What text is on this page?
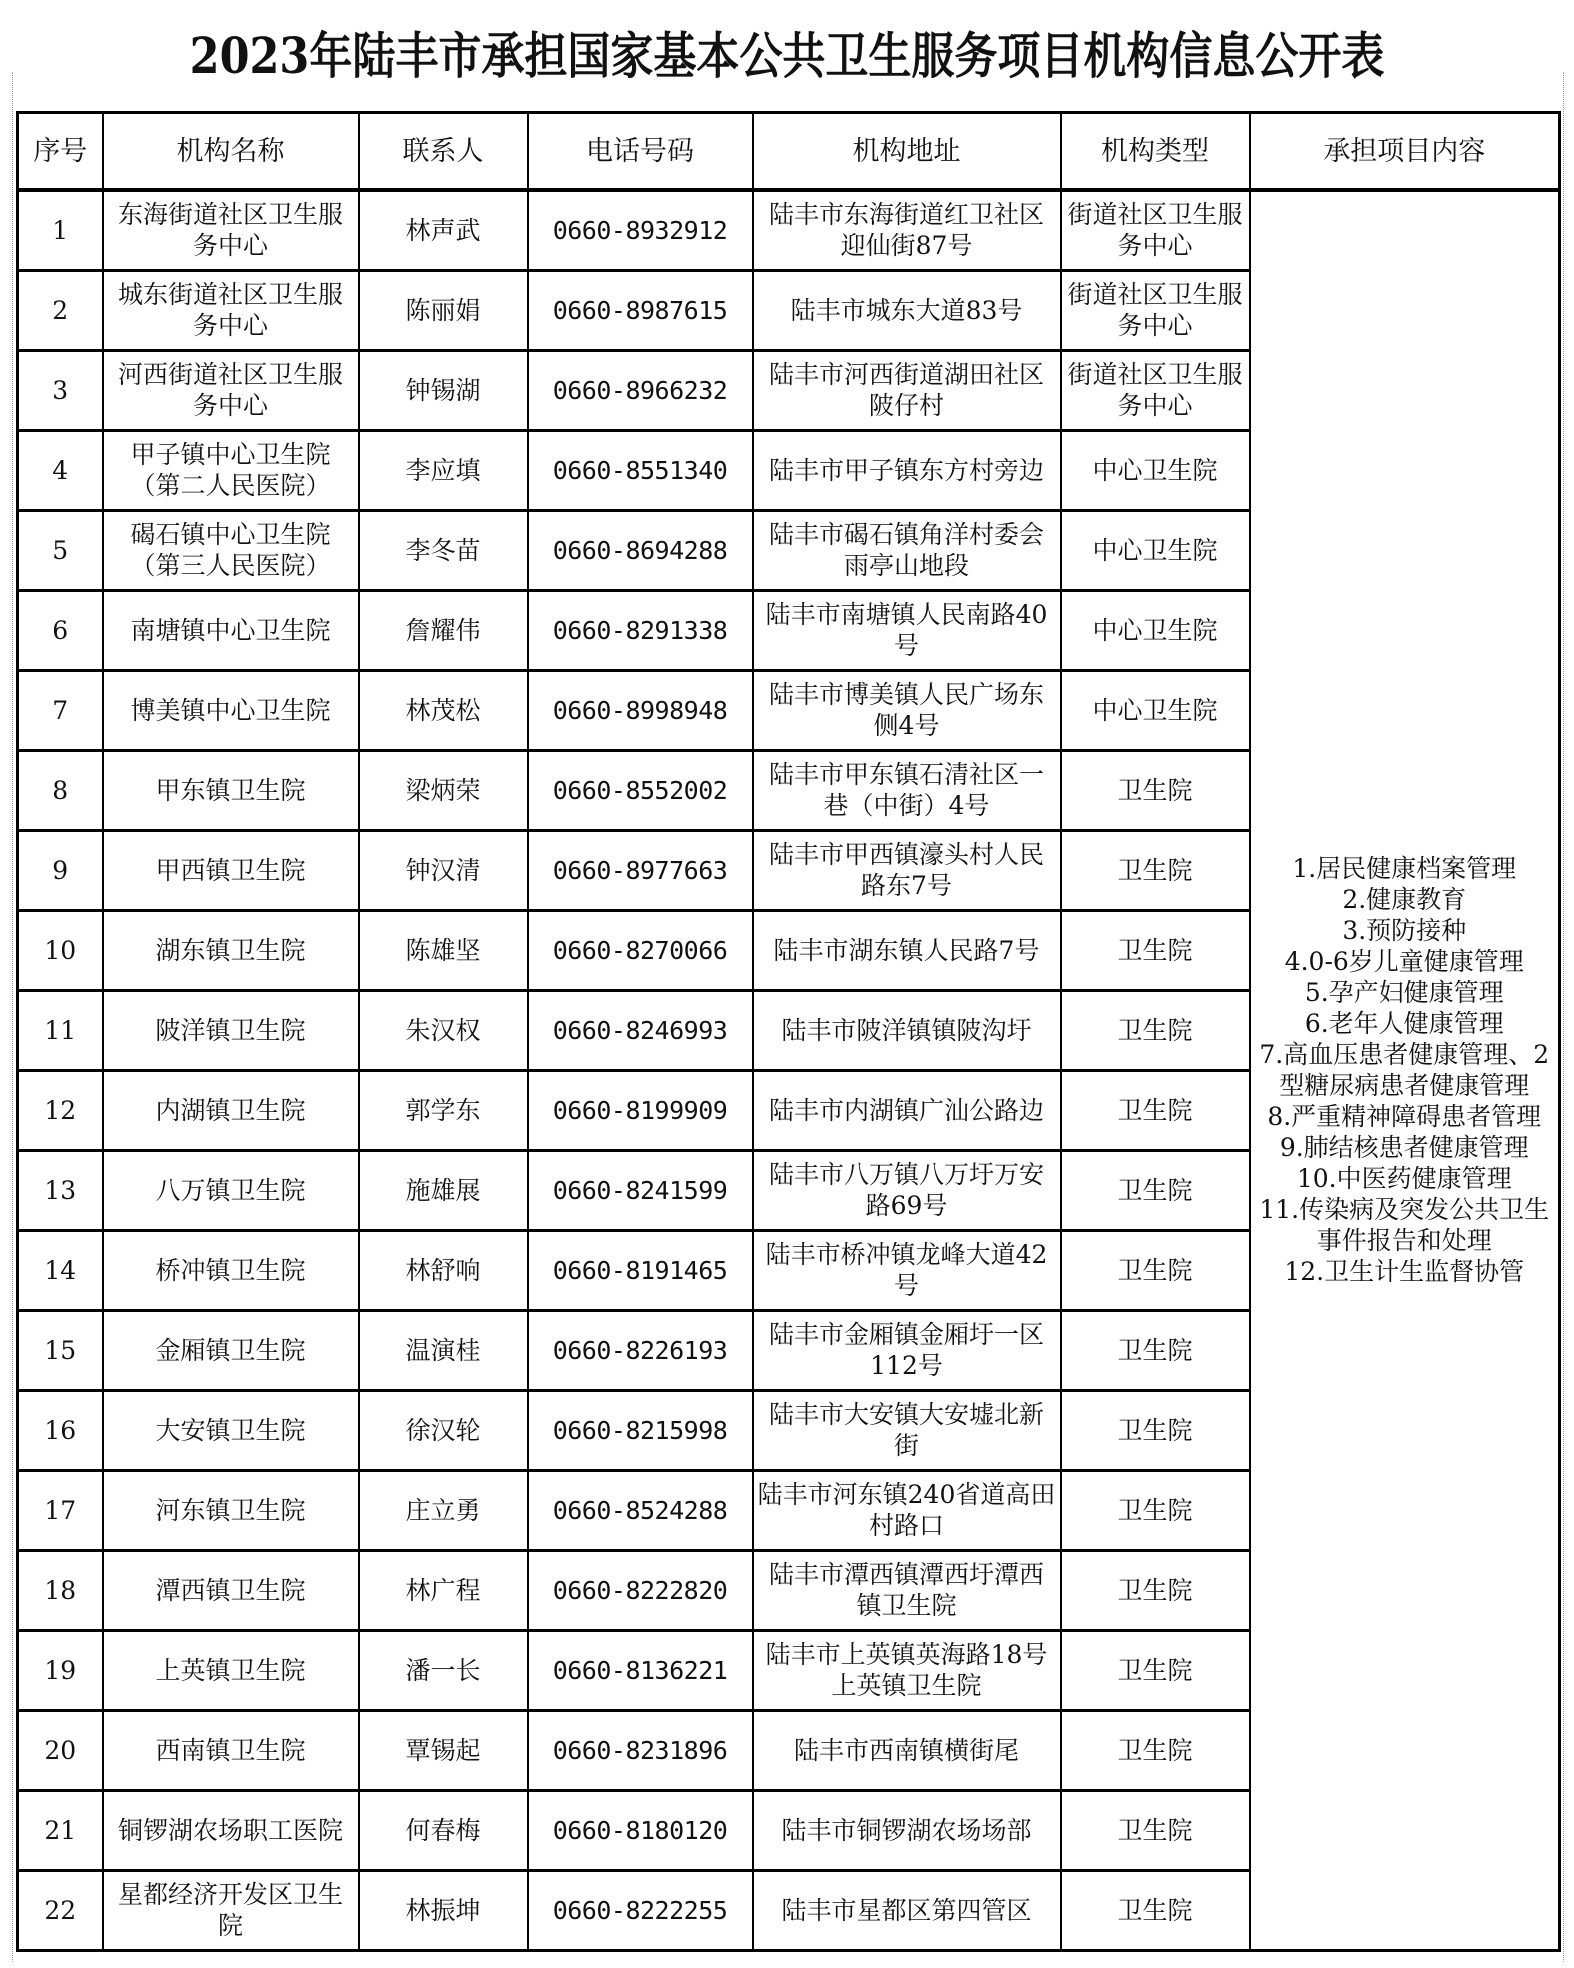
2023年陆丰市承担国家基本公共卫生服务项目机构信息公开表
序号	机构名称	联系人	电话号码	机构地址	机构类型	承担项目内容
1	东海街道社区卫生服务中心	林声武	0660-8932912	陆丰市东海街道红卫社区迎仙街87号	街道社区卫生服务中心	
1.居民健康档案管理
2.健康教育
3.预防接种
4.0-6岁儿童健康管理
5.孕产妇健康管理
6.老年人健康管理
7.高血压患者健康管理、2型糖尿病患者健康管理
8.严重精神障碍患者管理
9.肺结核患者健康管理
10.中医药健康管理
11.传染病及突发公共卫生事件报告和处理
12.卫生计生监督协管

2	城东街道社区卫生服务中心	陈丽娟	0660-8987615	陆丰市城东大道83号	街道社区卫生服务中心	
3	河西街道社区卫生服务中心	钟锡湖	0660-8966232	陆丰市河西街道湖田社区陂仔村	街道社区卫生服务中心	
4	甲子镇中心卫生院（第二人民医院）	李应填	0660-8551340	陆丰市甲子镇东方村旁边	中心卫生院	
5	碣石镇中心卫生院（第三人民医院）	李冬苗	0660-8694288	陆丰市碣石镇角洋村委会雨亭山地段	中心卫生院	
6	南塘镇中心卫生院	詹耀伟	0660-8291338	陆丰市南塘镇人民南路40号	中心卫生院	
7	博美镇中心卫生院	林茂松	0660-8998948	陆丰市博美镇人民广场东侧4号	中心卫生院	
8	甲东镇卫生院	梁炳荣	0660-8552002	陆丰市甲东镇石清社区一巷（中街）4号	卫生院	
9	甲西镇卫生院	钟汉清	0660-8977663	陆丰市甲西镇濠头村人民路东7号	卫生院	
10	湖东镇卫生院	陈雄坚	0660-8270066	陆丰市湖东镇人民路7号	卫生院	
11	陂洋镇卫生院	朱汉权	0660-8246993	陆丰市陂洋镇镇陂沟圩	卫生院	
12	内湖镇卫生院	郭学东	0660-8199909	陆丰市内湖镇广汕公路边	卫生院	
13	八万镇卫生院	施雄展	0660-8241599	陆丰市八万镇八万圩万安路69号	卫生院	
14	桥冲镇卫生院	林舒响	0660-8191465	陆丰市桥冲镇龙峰大道42号	卫生院	
15	金厢镇卫生院	温演桂	0660-8226193	陆丰市金厢镇金厢圩一区112号	卫生院	
16	大安镇卫生院	徐汉轮	0660-8215998	陆丰市大安镇大安墟北新街	卫生院	
17	河东镇卫生院	庄立勇	0660-8524288	陆丰市河东镇240省道高田村路口	卫生院	
18	潭西镇卫生院	林广程	0660-8222820	陆丰市潭西镇潭西圩潭西镇卫生院	卫生院	
19	上英镇卫生院	潘一长	0660-8136221	陆丰市上英镇英海路18号上英镇卫生院	卫生院	
20	西南镇卫生院	覃锡起	0660-8231896	陆丰市西南镇横街尾	卫生院	
21	铜锣湖农场职工医院	何春梅	0660-8180120	陆丰市铜锣湖农场场部	卫生院	
22	星都经济开发区卫生院	林振坤	0660-8222255	陆丰市星都区第四管区	卫生院	
